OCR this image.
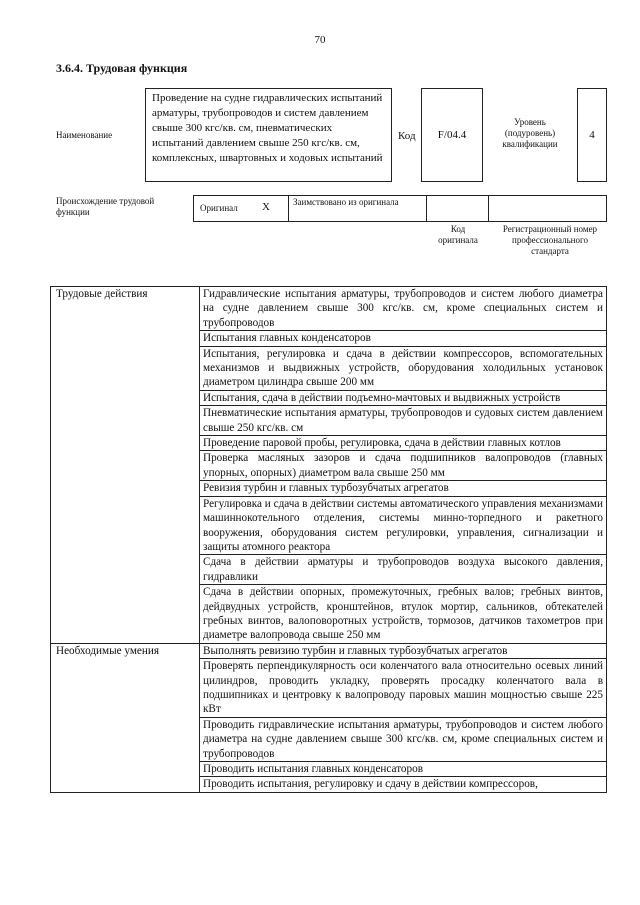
70
3.6.4. Трудовая функция
Наименование
Проведение на судне гидравлических испытаний арматуры, трубопроводов и систем давлением свыше 300 кгс/кв. см, пневматических испытаний давлением свыше 250 кгс/кв. см, комплексных, швартовных и ходовых испытаний
Код F/04.4
Уровень (подуровень) квалификации
4
Происхождение трудовой функции	Оригинал X	Заимствовано из оригинала
Код оригинала
Регистрационный номер профессионального стандарта
Трудовые действия	Гидравлические испытания арматуры, трубопроводов и систем любого диаметра на судне давлением свыше 300 кгс/кв. см, кроме специальных систем и трубопроводов
	Испытания главных конденсаторов
	Испытания, регулировка и сдача в действии компрессоров, вспомогательных механизмов и выдвижных устройств, оборудования холодильных установок диаметром цилиндра свыше 200 мм
	Испытания, сдача в действии подъемно-мачтовых и выдвижных устройств
	Пневматические испытания арматуры, трубопроводов и судовых систем давлением свыше 250 кгс/кв. см
	Проведение паровой пробы, регулировка, сдача в действии главных котлов
	Проверка масляных зазоров и сдача подшипников валопроводов (главных упорных, опорных) диаметром вала свыше 250 мм
	Ревизия турбин и главных турбозубчатых агрегатов
	Регулировка и сдача в действии системы автоматического управления механизмами машиннокотельного отделения, системы минно-торпедного и ракетного вооружения, оборудования систем регулировки, управления, сигнализации и защиты атомного реактора
	Сдача в действии арматуры и трубопроводов воздуха высокого давления, гидравлики
	Сдача в действии опорных, промежуточных, гребных валов; гребных винтов, дейдвудных устройств, кронштейнов, втулок мортир, сальников, обтекателей гребных винтов, валоповоротных устройств, тормозов, датчиков тахометров при диаметре валопровода свыше 250 мм
Необходимые умения	Выполнять ревизию турбин и главных турбозубчатых агрегатов
	Проверять перпендикулярность оси коленчатого вала относительно осевых линий цилиндров, проводить укладку, проверять просадку коленчатого вала в подшипниках и центровку к валопроводу паровых машин мощностью свыше 225 кВт
	Проводить гидравлические испытания арматуры, трубопроводов и систем любого диаметра на судне давлением свыше 300 кгс/кв. см, кроме специальных систем и трубопроводов
	Проводить испытания главных конденсаторов
	Проводить испытания, регулировку и сдачу в действии компрессоров,
